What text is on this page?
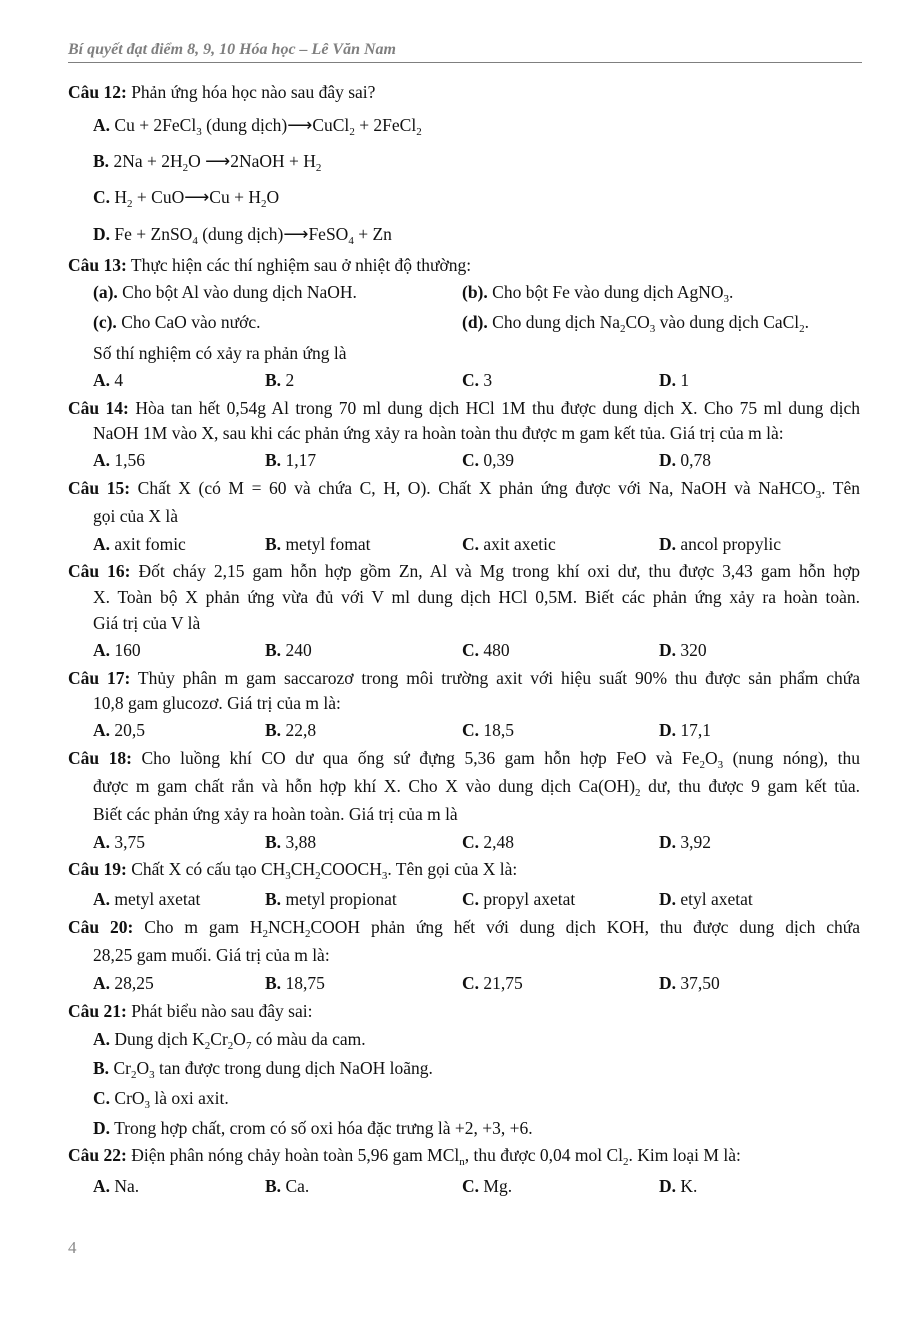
Bí quyết đạt điểm 8, 9, 10 Hóa học – Lê Văn Nam
Câu 12: Phản ứng hóa học nào sau đây sai?
A. Cu + 2FeCl$_3$ (dung dịch)⟶CuCl$_2$ + 2FeCl$_2$
B. $2Na + 2H_2O$ ⟶2NaOH + $H_2$
C. $H_2$ + CuO⟶Cu + $H_2O$
D. Fe + ZnSO$_4$ (dung dịch)⟶FeSO$_4$ + Zn
Câu 13: Thực hiện các thí nghiệm sau ở nhiệt độ thường:
(a). Cho bột Al vào dung dịch NaOH.	(b). Cho bột Fe vào dung dịch AgNO$_3$.
(c). Cho CaO vào nước.	(d). Cho dung dịch $Na_2CO_3$ vào dung dịch CaCl$_2$.
Số thí nghiệm có xảy ra phản ứng là
A. 4	B. 2	C. 3	D. 1
Câu 14: Hòa tan hết 0,54g Al trong 70 ml dung dịch HCl 1M thu được dung dịch X. Cho 75 ml dung dịch
NaOH 1M vào X, sau khi các phản ứng xảy ra hoàn toàn thu được m gam kết tủa. Giá trị của m là:
A. 1,56	B. 1,17	C. 0,39	D. 0,78
Câu 15: Chất X (có M = 60 và chứa C, H, O). Chất X phản ứng được với Na, NaOH và NaHCO$_3$. Tên
gọi của X là
A. axit fomic	B. metyl fomat	C. axit axetic	D. ancol propylic
Câu 16: Đốt cháy 2,15 gam hỗn hợp gồm Zn, Al và Mg trong khí oxi dư, thu được 3,43 gam hỗn hợp
X. Toàn bộ X phản ứng vừa đủ với V ml dung dịch HCl 0,5M. Biết các phản ứng xảy ra hoàn toàn.
Giá trị của V là
A. 160	B. 240	C. 480	D. 320
Câu 17: Thủy phân m gam saccarozơ trong môi trường axit với hiệu suất 90% thu được sản phẩm chứa
10,8 gam glucozơ. Giá trị của m là:
A. 20,5	B. 22,8	C. 18,5	D. 17,1
Câu 18: Cho luồng khí CO dư qua ống sứ đựng 5,36 gam hỗn hợp FeO và $Fe_2O_3$ (nung nóng), thu
được m gam chất rắn và hỗn hợp khí X. Cho X vào dung dịch $Ca(OH)_2$ dư, thu được 9 gam kết tủa.
Biết các phản ứng xảy ra hoàn toàn. Giá trị của m là
A. 3,75	B. 3,88	C. 2,48	D. 3,92
Câu 19: Chất X có cấu tạo $CH_3CH_2COOCH_3$. Tên gọi của X là:
A. metyl axetat	B. metyl propionat	C. propyl axetat	D. etyl axetat
Câu 20: Cho m gam $H_2NCH_2COOH$ phản ứng hết với dung dịch KOH, thu được dung dịch chứa
28,25 gam muối. Giá trị của m là:
A. 28,25	B. 18,75	C. 21,75	D. 37,50
Câu 21: Phát biểu nào sau đây sai:
A. Dung dịch $K_2Cr_2O_7$ có màu da cam.
B. $Cr_2O_3$ tan được trong dung dịch NaOH loãng.
C. CrO$_3$ là oxi axit.
D. Trong hợp chất, crom có số oxi hóa đặc trưng là +2, +3, +6.
Câu 22: Điện phân nóng chảy hoàn toàn 5,96 gam MCl$_n$, thu được 0,04 mol $Cl_2$. Kim loại M là:
A. Na.	B. Ca.	C. Mg.	D. K.
4
